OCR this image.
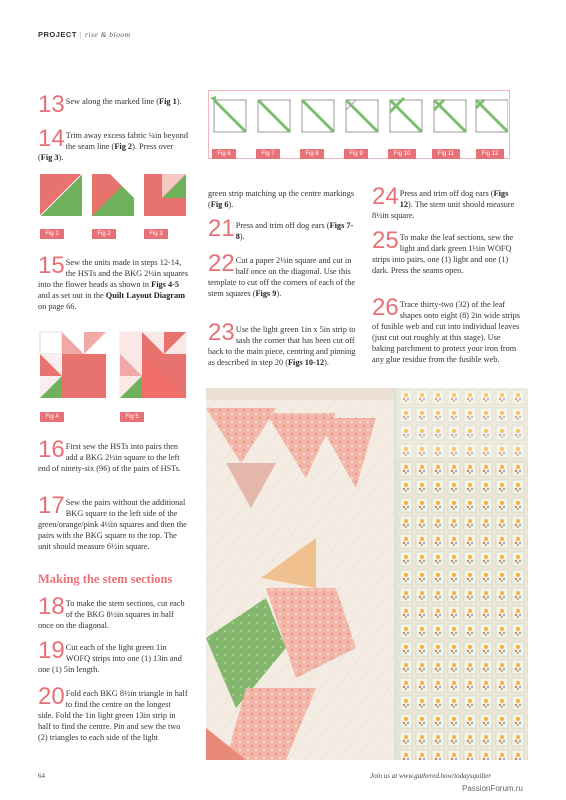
PROJECT | rise & bloom
13 Sew along the marked line (Fig 1).
14 Trim away excess fabric ¼in beyond the seam line (Fig 2). Press over (Fig 3).
Fig 1	Fig 2	Fig 3
15 Sew the units made in steps 12-14, the HSTs and the BKG 2½in squares into the flower heads as shown in Figs 4-5 and as set out in the Quilt Layout Diagram on page 66.
Fig 4	Fig 5
16 First sew the HSTs into pairs then add a BKG 2½in square to the left end of ninety-six (96) of the pairs of HSTs.
17 Sew the pairs without the additional BKG square to the left side of the green/orange/pink 4½in squares and then the pairs with the BKG square to the top. The unit should measure 6½in square.
Making the stem sections
18 To make the stem sections, cut each of the BKG 8½in squares in half once on the diagonal.
19 Cut each of the light green 1in WOFQ strips into one (1) 13in and one (1) 5in length.
20 Fold each BKG 8½in triangle in half to find the centre on the longest side. Fold the 1in light green 13in strip in half to find the centre. Pin and sew the two (2) triangles to each side of the light
Fig 6	Fig 7	Fig 8	Fig 9	Fig 10	Fig 11	Fig 12
green strip matching up the centre markings (Fig 6).
21 Press and trim off dog ears (Figs 7-8).
22 Cut a paper 2½in square and cut in half once on the diagonal. Use this template to cut off the corners of each of the stem squares (Figs 9).
23 Use the light green 1in x 5in strip to sash the corner that has been cut off back to the main piece, centring and pinning as described in step 20 (Figs 10-12).
24 Press and trim off dog ears (Figs 12). The stem unit should measure 8½in square.
25 To make the leaf sections, sew the light and dark green 1½in WOFQ strips into pairs, one (1) light and one (1) dark. Press the seams open.
26 Trace thirty-two (32) of the leaf shapes onto eight (8) 2in wide strips of fusible web and cut into individual leaves (just cut out roughly at this stage). Use baking parchment to protect your iron from any glue residue from the fusible web.
64	Join us at www.gathered.how/todaysquilter
PassionForum.ru
